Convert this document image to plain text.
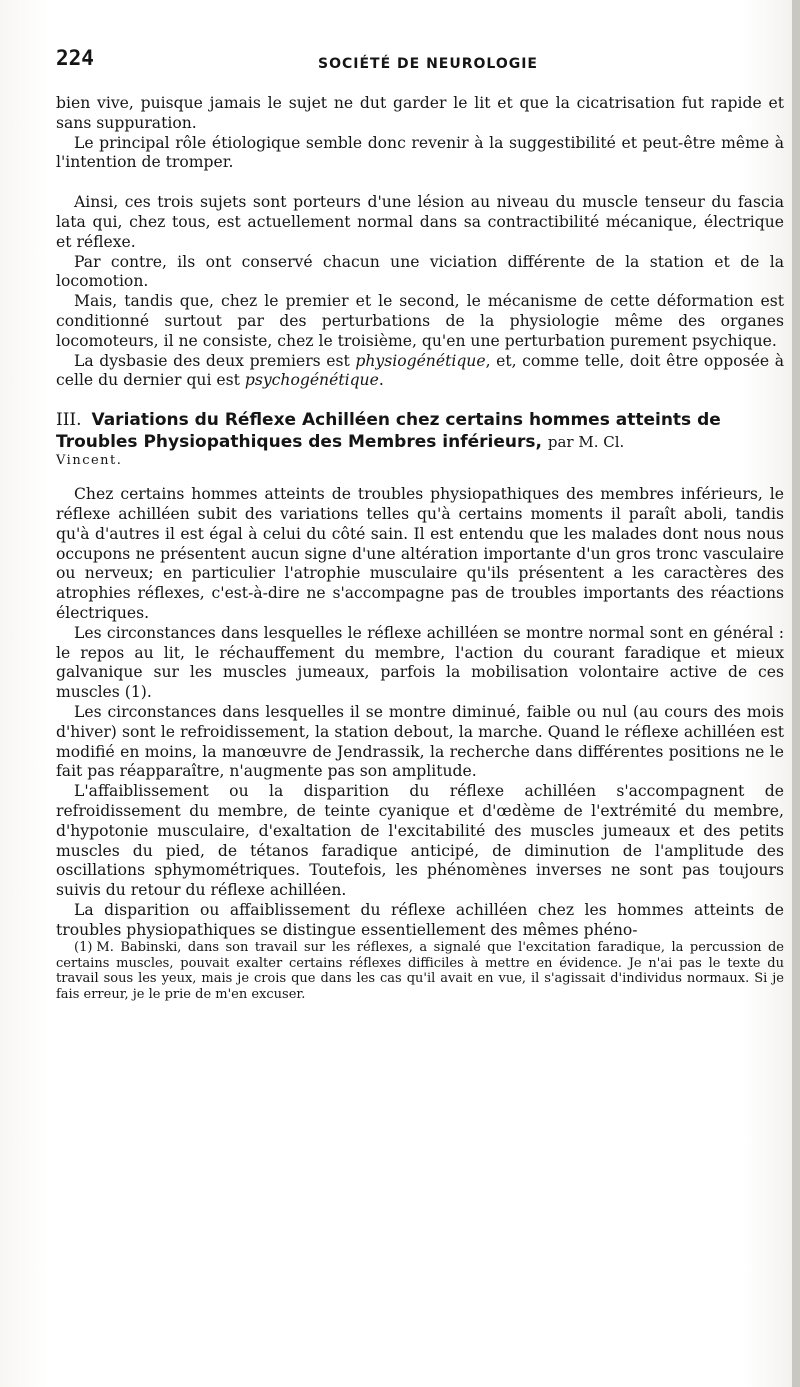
224	SOCIÉTÉ DE NEUROLOGIE

bien vive, puisque jamais le sujet ne dut garder le lit et que la cicatrisation fut rapide et sans suppuration.

Le principal rôle étiologique semble donc revenir à la suggestibilité et peut-être même à l'intention de tromper.

Ainsi, ces trois sujets sont porteurs d'une lésion au niveau du muscle tenseur du fascia lata qui, chez tous, est actuellement normal dans sa contractibilité mécanique, électrique et réflexe.

Par contre, ils ont conservé chacun une viciation différente de la station et de la locomotion.

Mais, tandis que, chez le premier et le second, le mécanisme de cette déformation est conditionné surtout par des perturbations de la physiologie même des organes locomoteurs, il ne consiste, chez le troisième, qu'en une perturbation purement psychique.

La dysbasie des deux premiers est physiogénétique, et, comme telle, doit être opposée à celle du dernier qui est psychogénétique.

III. Variations du Réflexe Achilléen chez certains hommes atteints de Troubles Physiopathiques des Membres inférieurs, par M. Cl.
Vincent.

Chez certains hommes atteints de troubles physiopathiques des membres inférieurs, le réflexe achilléen subit des variations telles qu'à certains moments il paraît aboli, tandis qu'à d'autres il est égal à celui du côté sain. Il est entendu que les malades dont nous nous occupons ne présentent aucun signe d'une altération importante d'un gros tronc vasculaire ou nerveux; en particulier l'atrophie musculaire qu'ils présentent a les caractères des atrophies réflexes, c'est-à-dire ne s'accompagne pas de troubles importants des réactions électriques.

Les circonstances dans lesquelles le réflexe achilléen se montre normal sont en général : le repos au lit, le réchauffement du membre, l'action du courant faradique et mieux galvanique sur les muscles jumeaux, parfois la mobilisation volontaire active de ces muscles (1).

Les circonstances dans lesquelles il se montre diminué, faible ou nul (au cours des mois d'hiver) sont le refroidissement, la station debout, la marche. Quand le réflexe achilléen est modifié en moins, la manœuvre de Jendrassik, la recherche dans différentes positions ne le fait pas réapparaître, n'augmente pas son amplitude.

L'affaiblissement ou la disparition du réflexe achilléen s'accompagnent de refroidissement du membre, de teinte cyanique et d'œdème de l'extrémité du membre, d'hypotonie musculaire, d'exaltation de l'excitabilité des muscles jumeaux et des petits muscles du pied, de tétanos faradique anticipé, de diminution de l'amplitude des oscillations sphymométriques. Toutefois, les phénomènes inverses ne sont pas toujours suivis du retour du réflexe achilléen.

La disparition ou affaiblissement du réflexe achilléen chez les hommes atteints de troubles physiopathiques se distingue essentiellement des mêmes phéno-

(1) M. Babinski, dans son travail sur les réflexes, a signalé que l'excitation faradique, la percussion de certains muscles, pouvait exalter certains réflexes difficiles à mettre en évidence. Je n'ai pas le texte du travail sous les yeux, mais je crois que dans les cas qu'il avait en vue, il s'agissait d'individus normaux. Si je fais erreur, je le prie de m'en excuser.
